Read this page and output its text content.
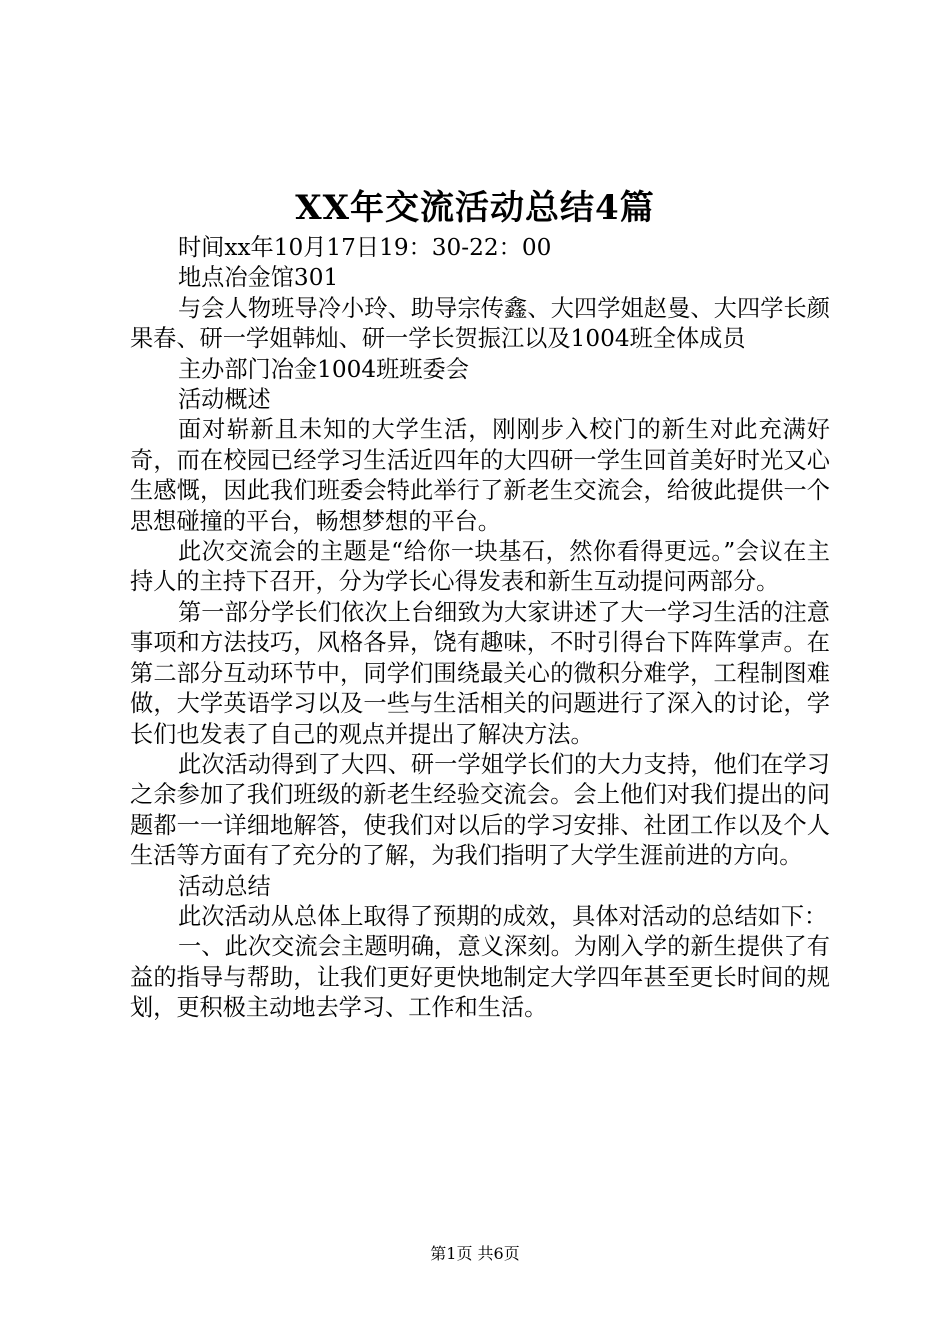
XX年交流活动总结4篇

时间xx年10月17日19：30-22：00

地点冶金馆301

与会人物班导冷小玲、助导宗传鑫、大四学姐赵曼、大四学长颜果春、研一学姐韩灿、研一学长贺振江以及1004班全体成员

主办部门冶金1004班班委会

活动概述

面对崭新且未知的大学生活，刚刚步入校门的新生对此充满好奇，而在校园已经学习生活近四年的大四研一学生回首美好时光又心生感慨，因此我们班委会特此举行了新老生交流会，给彼此提供一个思想碰撞的平台，畅想梦想的平台。

此次交流会的主题是“给你一块基石，然你看得更远。”会议在主持人的主持下召开，分为学长心得发表和新生互动提问两部分。

第一部分学长们依次上台细致为大家讲述了大一学习生活的注意事项和方法技巧，风格各异，饶有趣味，不时引得台下阵阵掌声。在第二部分互动环节中，同学们围绕最关心的微积分难学，工程制图难做，大学英语学习以及一些与生活相关的问题进行了深入的讨论，学长们也发表了自己的观点并提出了解决方法。

此次活动得到了大四、研一学姐学长们的大力支持，他们在学习之余参加了我们班级的新老生经验交流会。会上他们对我们提出的问题都一一详细地解答，使我们对以后的学习安排、社团工作以及个人生活等方面有了充分的了解，为我们指明了大学生涯前进的方向。

活动总结

此次活动从总体上取得了预期的成效，具体对活动的总结如下：

一、此次交流会主题明确，意义深刻。为刚入学的新生提供了有益的指导与帮助，让我们更好更快地制定大学四年甚至更长时间的规划，更积极主动地去学习、工作和生活。

第1页 共6页
